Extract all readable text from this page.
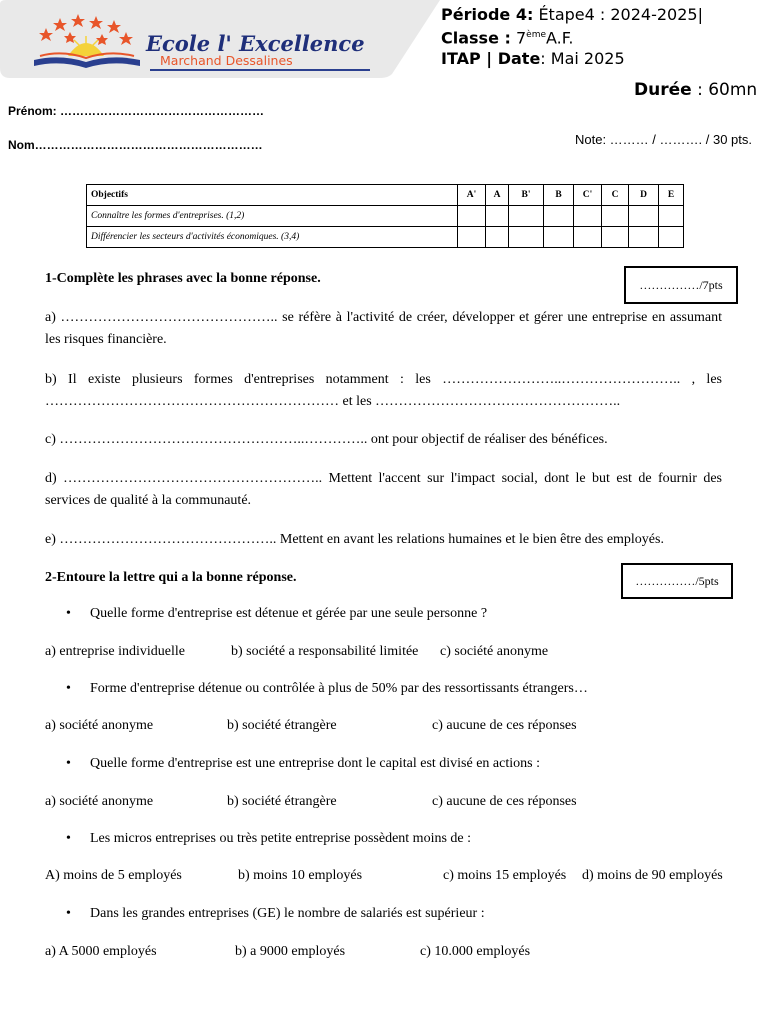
Ecole l' Excellence
Marchand Dessalines
Période 4: Étape4 : 2024-2025|
Classe : 7èmeA.F.
ITAP | Date: Mai 2025
Durée : 60mn
Prénom: ……………………………………………
Nom…………………………………………………	Note: ……… / ………. / 30 pts.
Objectifs	A'	A	B'	B	C'	C	D	E
Connaître les formes d'entreprises. (1,2)								
Différencier les secteurs d'activités économiques. (3,4)								
1-Complète les phrases avec la bonne réponse.	……………/7pts
a) ……………………………………….. se réfère à l'activité de créer, développer et gérer une entreprise en assumant les risques financière.
b) Il existe plusieurs formes d'entreprises notamment : les ……………………..…………………….. , les ……………………………………………………… et les ……………………………………………..
c) ……………………………………………..………….. ont pour objectif de réaliser des bénéfices.
d) ……………………………………………….. Mettent l'accent sur l'impact social, dont le but est de fournir des services de qualité à la communauté.
e) ……………………………………….. Mettent en avant les relations humaines et le bien être des employés.
2-Entoure la lettre qui a la bonne réponse.	……………/5pts
• Quelle forme d'entreprise est détenue et gérée par une seule personne ?
a) entreprise individuelle	b) société a responsabilité limitée c) société anonyme
• Forme d'entreprise détenue ou contrôlée à plus de 50% par des ressortissants étrangers…
a) société anonyme	b) société étrangère	c) aucune de ces réponses
• Quelle forme d'entreprise est une entreprise dont le capital est divisé en actions :
a) société anonyme	b) société étrangère	c) aucune de ces réponses
• Les micros entreprises ou très petite entreprise possèdent moins de :
A) moins de 5 employés	b) moins 10 employés	c) moins 15 employés d) moins de 90 employés
• Dans les grandes entreprises (GE) le nombre de salariés est supérieur :
a) A 5000 employés	b) a 9000 employés	c) 10.000 employés
